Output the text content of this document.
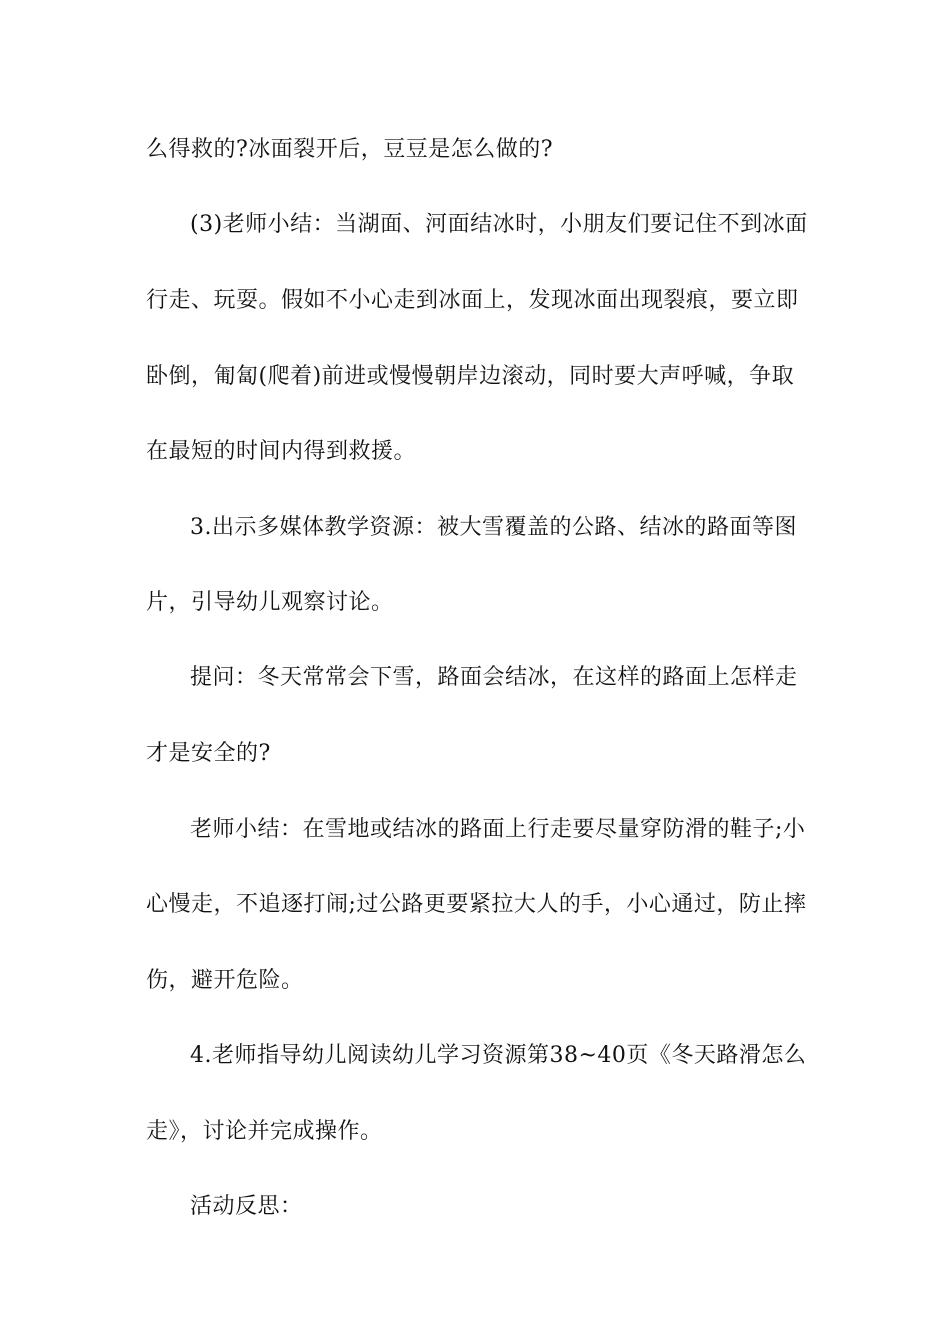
么得救的?冰面裂开后，豆豆是怎么做的?
(3)老师小结：当湖面、河面结冰时，小朋友们要记住不到冰面
行走、玩耍。假如不小心走到冰面上，发现冰面出现裂痕，要立即
卧倒，匍匐(爬着)前进或慢慢朝岸边滚动，同时要大声呼喊，争取
在最短的时间内得到救援。
3.出示多媒体教学资源：被大雪覆盖的公路、结冰的路面等图
片，引导幼儿观察讨论。
提问：冬天常常会下雪，路面会结冰，在这样的路面上怎样走
才是安全的?
老师小结：在雪地或结冰的路面上行走要尽量穿防滑的鞋子;小
心慢走，不追逐打闹;过公路更要紧拉大人的手，小心通过，防止摔
伤，避开危险。
4.老师指导幼儿阅读幼儿学习资源第38~40页《冬天路滑怎么
走》，讨论并完成操作。
活动反思：
